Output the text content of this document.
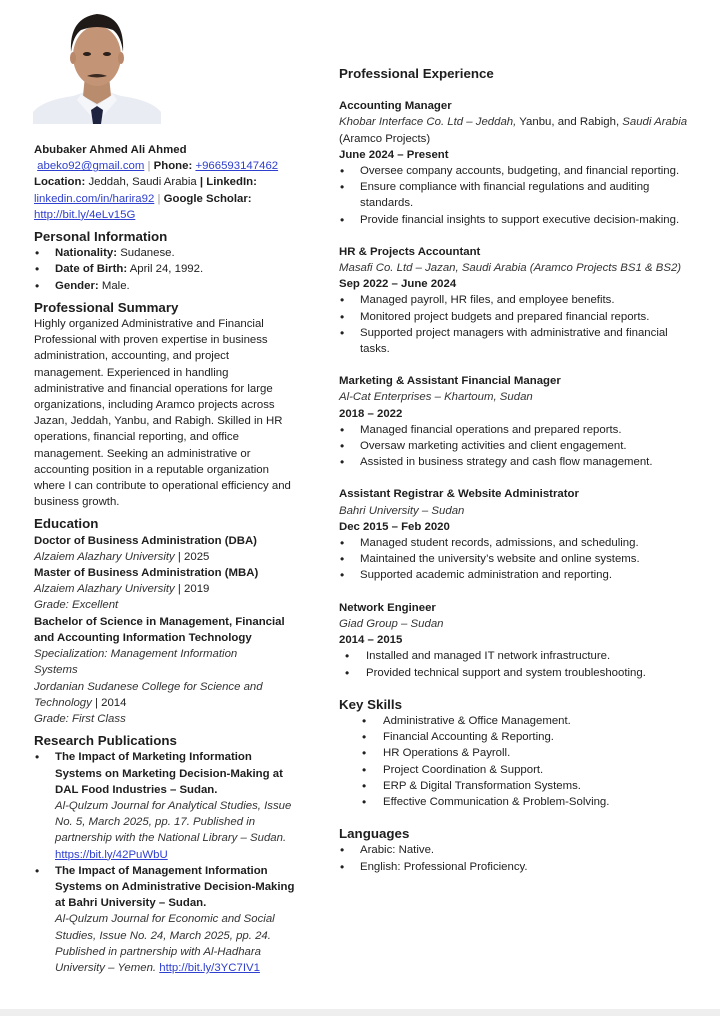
Abubaker Ahmed Ali Ahmed
abeko92@gmail.com | Phone: +966593147462
Location: Jeddah, Saudi Arabia | LinkedIn:
linkedin.com/in/harira92 | Google Scholar:
http://bit.ly/4eLv15G
Personal Information
• Nationality: Sudanese.
• Date of Birth: April 24, 1992.
• Gender: Male.
Professional Summary

Highly organized Administrative and Financial Professional with proven expertise in business administration, accounting, and project management. Experienced in handling administrative and financial operations for large organizations, including Aramco projects across Jazan, Jeddah, Yanbu, and Rabigh. Skilled in HR operations, financial reporting, and office management. Seeking an administrative or accounting position in a reputable organization where I can contribute to operational efficiency and business growth.

Education
Doctor of Business Administration (DBA)
Alzaiem Alazhary University | 2025
Master of Business Administration (MBA)
Alzaiem Alazhary University | 2019
Grade: Excellent
Bachelor of Science in Management, Financial and Accounting Information Technology
Specialization: Management Information Systems
Jordanian Sudanese College for Science and Technology | 2014
Grade: First Class
Research Publications
• The Impact of Marketing Information Systems on Marketing Decision-Making at DAL Food Industries – Sudan.
Al-Qulzum Journal for Analytical Studies, Issue No. 5, March 2025, pp. 17. Published in partnership with the National Library – Sudan.  https://bit.ly/42PuWbU
• The Impact of Management Information Systems on Administrative Decision-Making at Bahri University – Sudan.
Al-Qulzum Journal for Economic and Social Studies, Issue No. 24, March 2025, pp. 24. Published in partnership with Al-Hadhara University – Yemen. http://bit.ly/3YC7IV1
Professional Experience
Accounting Manager
Khobar Interface Co. Ltd – Jeddah, Yanbu, and Rabigh, Saudi Arabia (Aramco Projects)
June 2024 – Present
• Oversee company accounts, budgeting, and financial reporting.
• Ensure compliance with financial regulations and auditing standards.
• Provide financial insights to support executive decision-making.
HR & Projects Accountant
Masafi Co. Ltd – Jazan, Saudi Arabia (Aramco Projects BS1 & BS2)
Sep 2022 – June 2024
• Managed payroll, HR files, and employee benefits.
• Monitored project budgets and prepared financial reports.
• Supported project managers with administrative and financial tasks.
Marketing & Assistant Financial Manager
Al-Cat Enterprises – Khartoum, Sudan
2018 – 2022
• Managed financial operations and prepared reports.
• Oversaw marketing activities and client engagement.
• Assisted in business strategy and cash flow management.
Assistant Registrar & Website Administrator
Bahri University – Sudan
Dec 2015 – Feb 2020
• Managed student records, admissions, and scheduling.
• Maintained the university’s website and online systems.
• Supported academic administration and reporting.
Network Engineer
Giad Group – Sudan
2014 – 2015
• Installed and managed IT network infrastructure.
• Provided technical support and system troubleshooting.
Key Skills
• Administrative & Office Management.
• Financial Accounting & Reporting.
• HR Operations & Payroll.
• Project Coordination & Support.
• ERP & Digital Transformation Systems.
• Effective Communication & Problem-Solving.
Languages
• Arabic: Native.
• English: Professional Proficiency.
